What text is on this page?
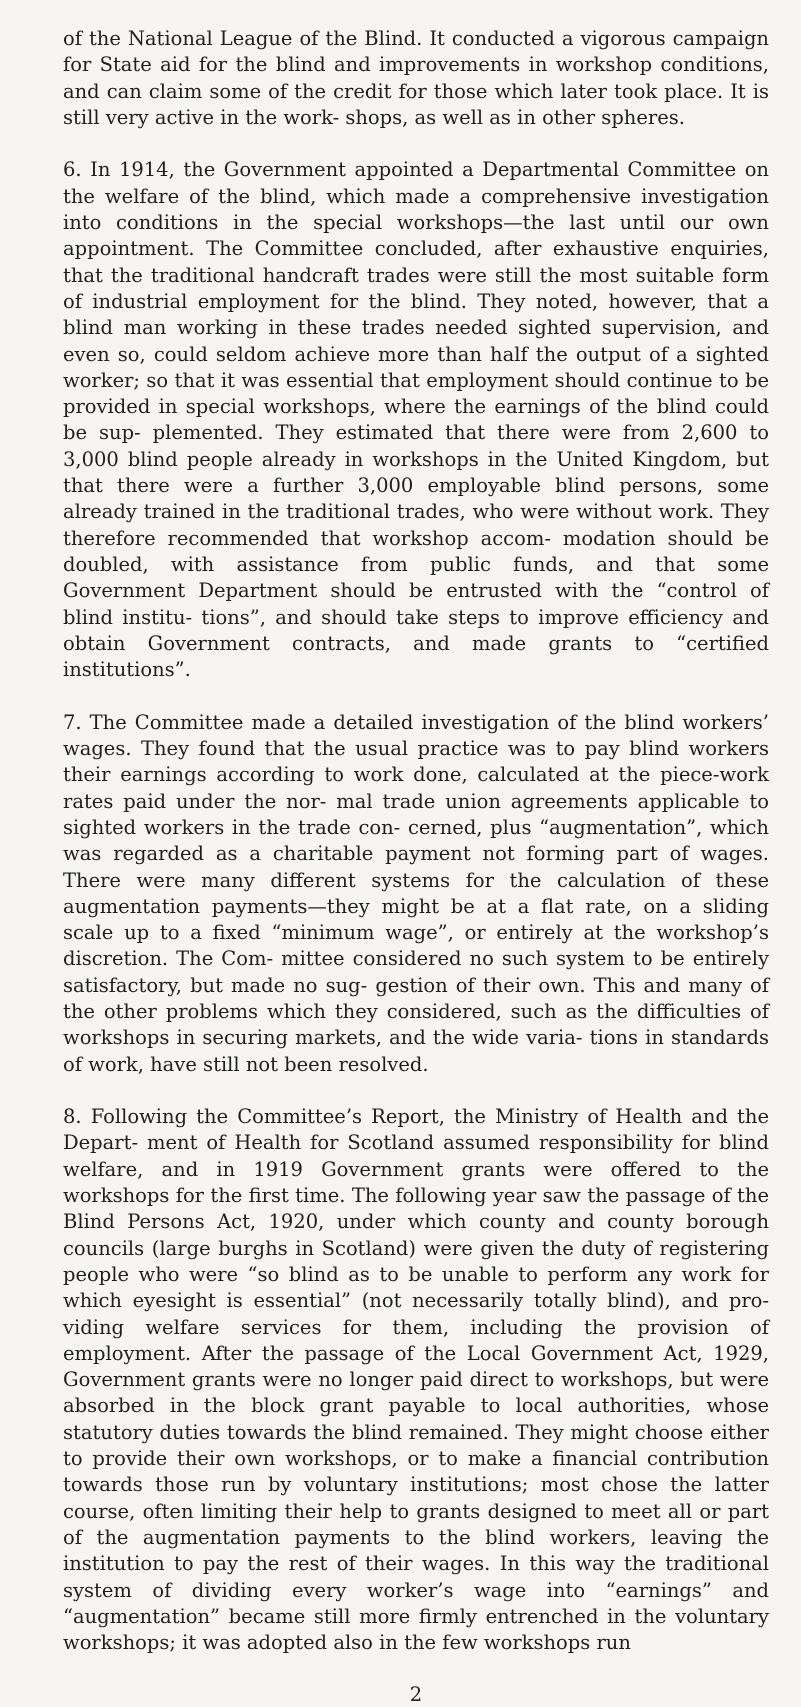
of the National League of the Blind. It conducted a vigorous campaign for State aid for the blind and improvements in workshop conditions, and can claim some of the credit for those which later took place. It is still very active in the work- shops, as well as in other spheres.

6. In 1914, the Government appointed a Departmental Committee on the welfare of the blind, which made a comprehensive investigation into conditions in the special workshops—the last until our own appointment. The Committee concluded, after exhaustive enquiries, that the traditional handcraft trades were still the most suitable form of industrial employment for the blind. They noted, however, that a blind man working in these trades needed sighted supervision, and even so, could seldom achieve more than half the output of a sighted worker; so that it was essential that employment should continue to be provided in special workshops, where the earnings of the blind could be sup- plemented. They estimated that there were from 2,600 to 3,000 blind people already in workshops in the United Kingdom, but that there were a further 3,000 employable blind persons, some already trained in the traditional trades, who were without work. They therefore recommended that workshop accom- modation should be doubled, with assistance from public funds, and that some Government Department should be entrusted with the “control of blind institu- tions”, and should take steps to improve efficiency and obtain Government contracts, and made grants to “certified institutions”.

7. The Committee made a detailed investigation of the blind workers’ wages. They found that the usual practice was to pay blind workers their earnings according to work done, calculated at the piece-work rates paid under the nor- mal trade union agreements applicable to sighted workers in the trade con- cerned, plus “augmentation”, which was regarded as a charitable payment not forming part of wages. There were many different systems for the calculation of these augmentation payments—they might be at a flat rate, on a sliding scale up to a fixed “minimum wage”, or entirely at the workshop’s discretion. The Com- mittee considered no such system to be entirely satisfactory, but made no sug- gestion of their own. This and many of the other problems which they considered, such as the difficulties of workshops in securing markets, and the wide varia- tions in standards of work, have still not been resolved.

8. Following the Committee’s Report, the Ministry of Health and the Depart- ment of Health for Scotland assumed responsibility for blind welfare, and in 1919 Government grants were offered to the workshops for the first time. The following year saw the passage of the Blind Persons Act, 1920, under which county and county borough councils (large burghs in Scotland) were given the duty of registering people who were “so blind as to be unable to perform any work for which eyesight is essential” (not necessarily totally blind), and pro- viding welfare services for them, including the provision of employment. After the passage of the Local Government Act, 1929, Government grants were no longer paid direct to workshops, but were absorbed in the block grant payable to local authorities, whose statutory duties towards the blind remained. They might choose either to provide their own workshops, or to make a financial contribution towards those run by voluntary institutions; most chose the latter course, often limiting their help to grants designed to meet all or part of the augmentation payments to the blind workers, leaving the institution to pay the rest of their wages. In this way the traditional system of dividing every worker’s wage into “earnings” and “augmentation” became still more firmly entrenched in the voluntary workshops; it was adopted also in the few workshops run

2
